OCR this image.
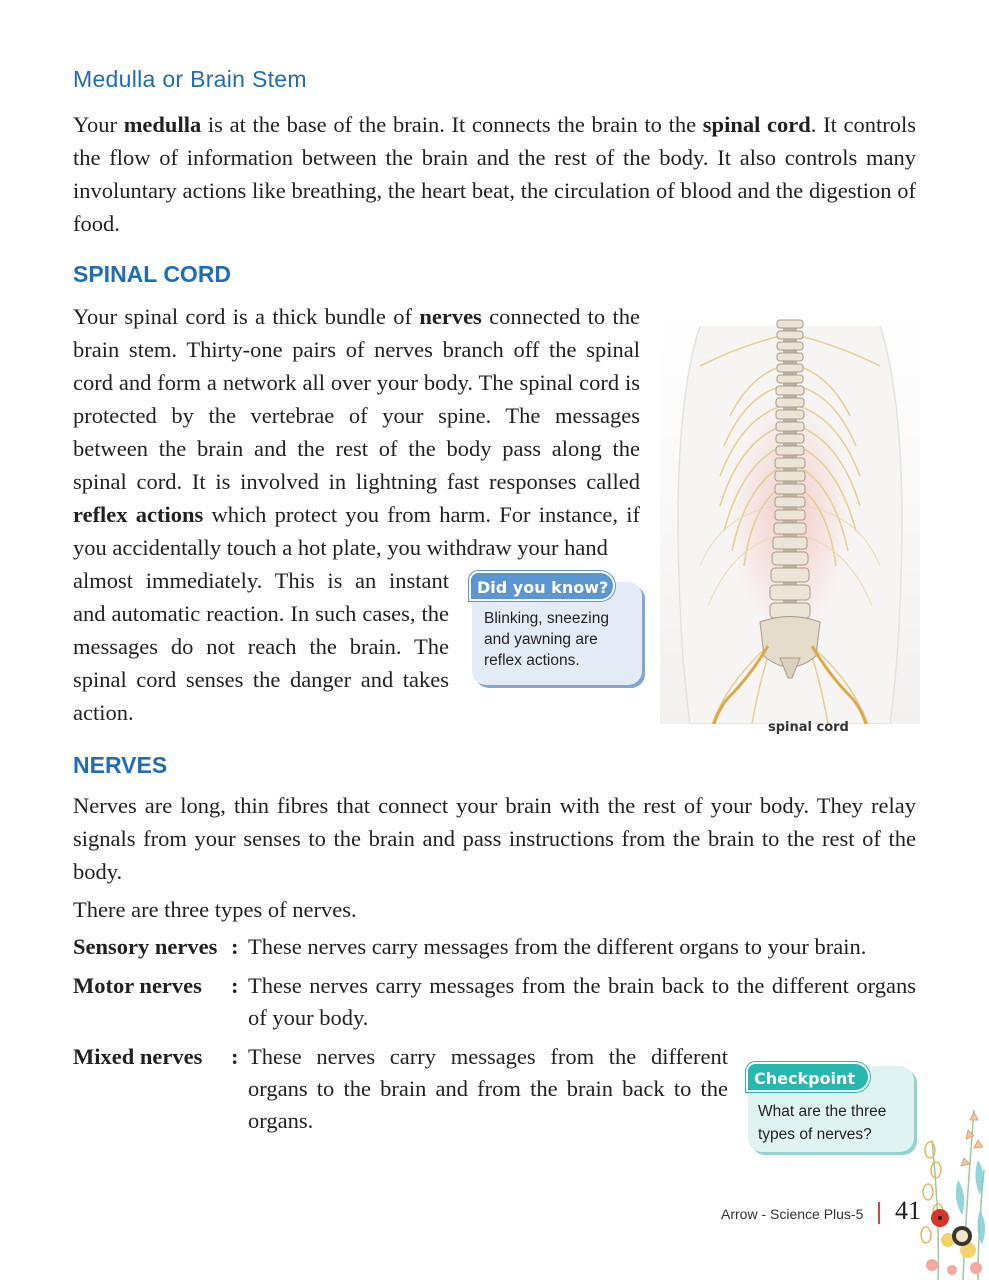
Medulla or Brain Stem

Your medulla is at the base of the brain. It connects the brain to the spinal cord. It controls the flow of information between the brain and the rest of the body. It also controls many involuntary actions like breathing, the heart beat, the circulation of blood and the digestion of food.

SPINAL CORD

Your spinal cord is a thick bundle of nerves connected to the brain stem. Thirty-one pairs of nerves branch off the spinal cord and form a network all over your body. The spinal cord is protected by the vertebrae of your spine. The messages between the brain and the rest of the body pass along the spinal cord. It is involved in lightning fast responses called reflex actions which protect you from harm. For instance, if you accidentally touch a hot plate, you withdraw your hand

almost immediately. This is an instant and automatic reaction. In such cases, the messages do not reach the brain. The spinal cord senses the danger and takes action.

Did you know?
Blinking, sneezing and yawning are reflex actions.
spinal cord
NERVES

Nerves are long, thin fibres that connect your brain with the rest of your body. They relay signals from your senses to the brain and pass instructions from the brain to the rest of the body.

There are three types of nerves.

Sensory nerves : These nerves carry messages from the different organs to your brain.
Motor nerves : These nerves carry messages from the brain back to the different organs of your body.
Mixed nerves : These nerves carry messages from the different organs to the brain and from the brain back to the organs.
Checkpoint
What are the three types of nerves?
Arrow - Science Plus-5 41
